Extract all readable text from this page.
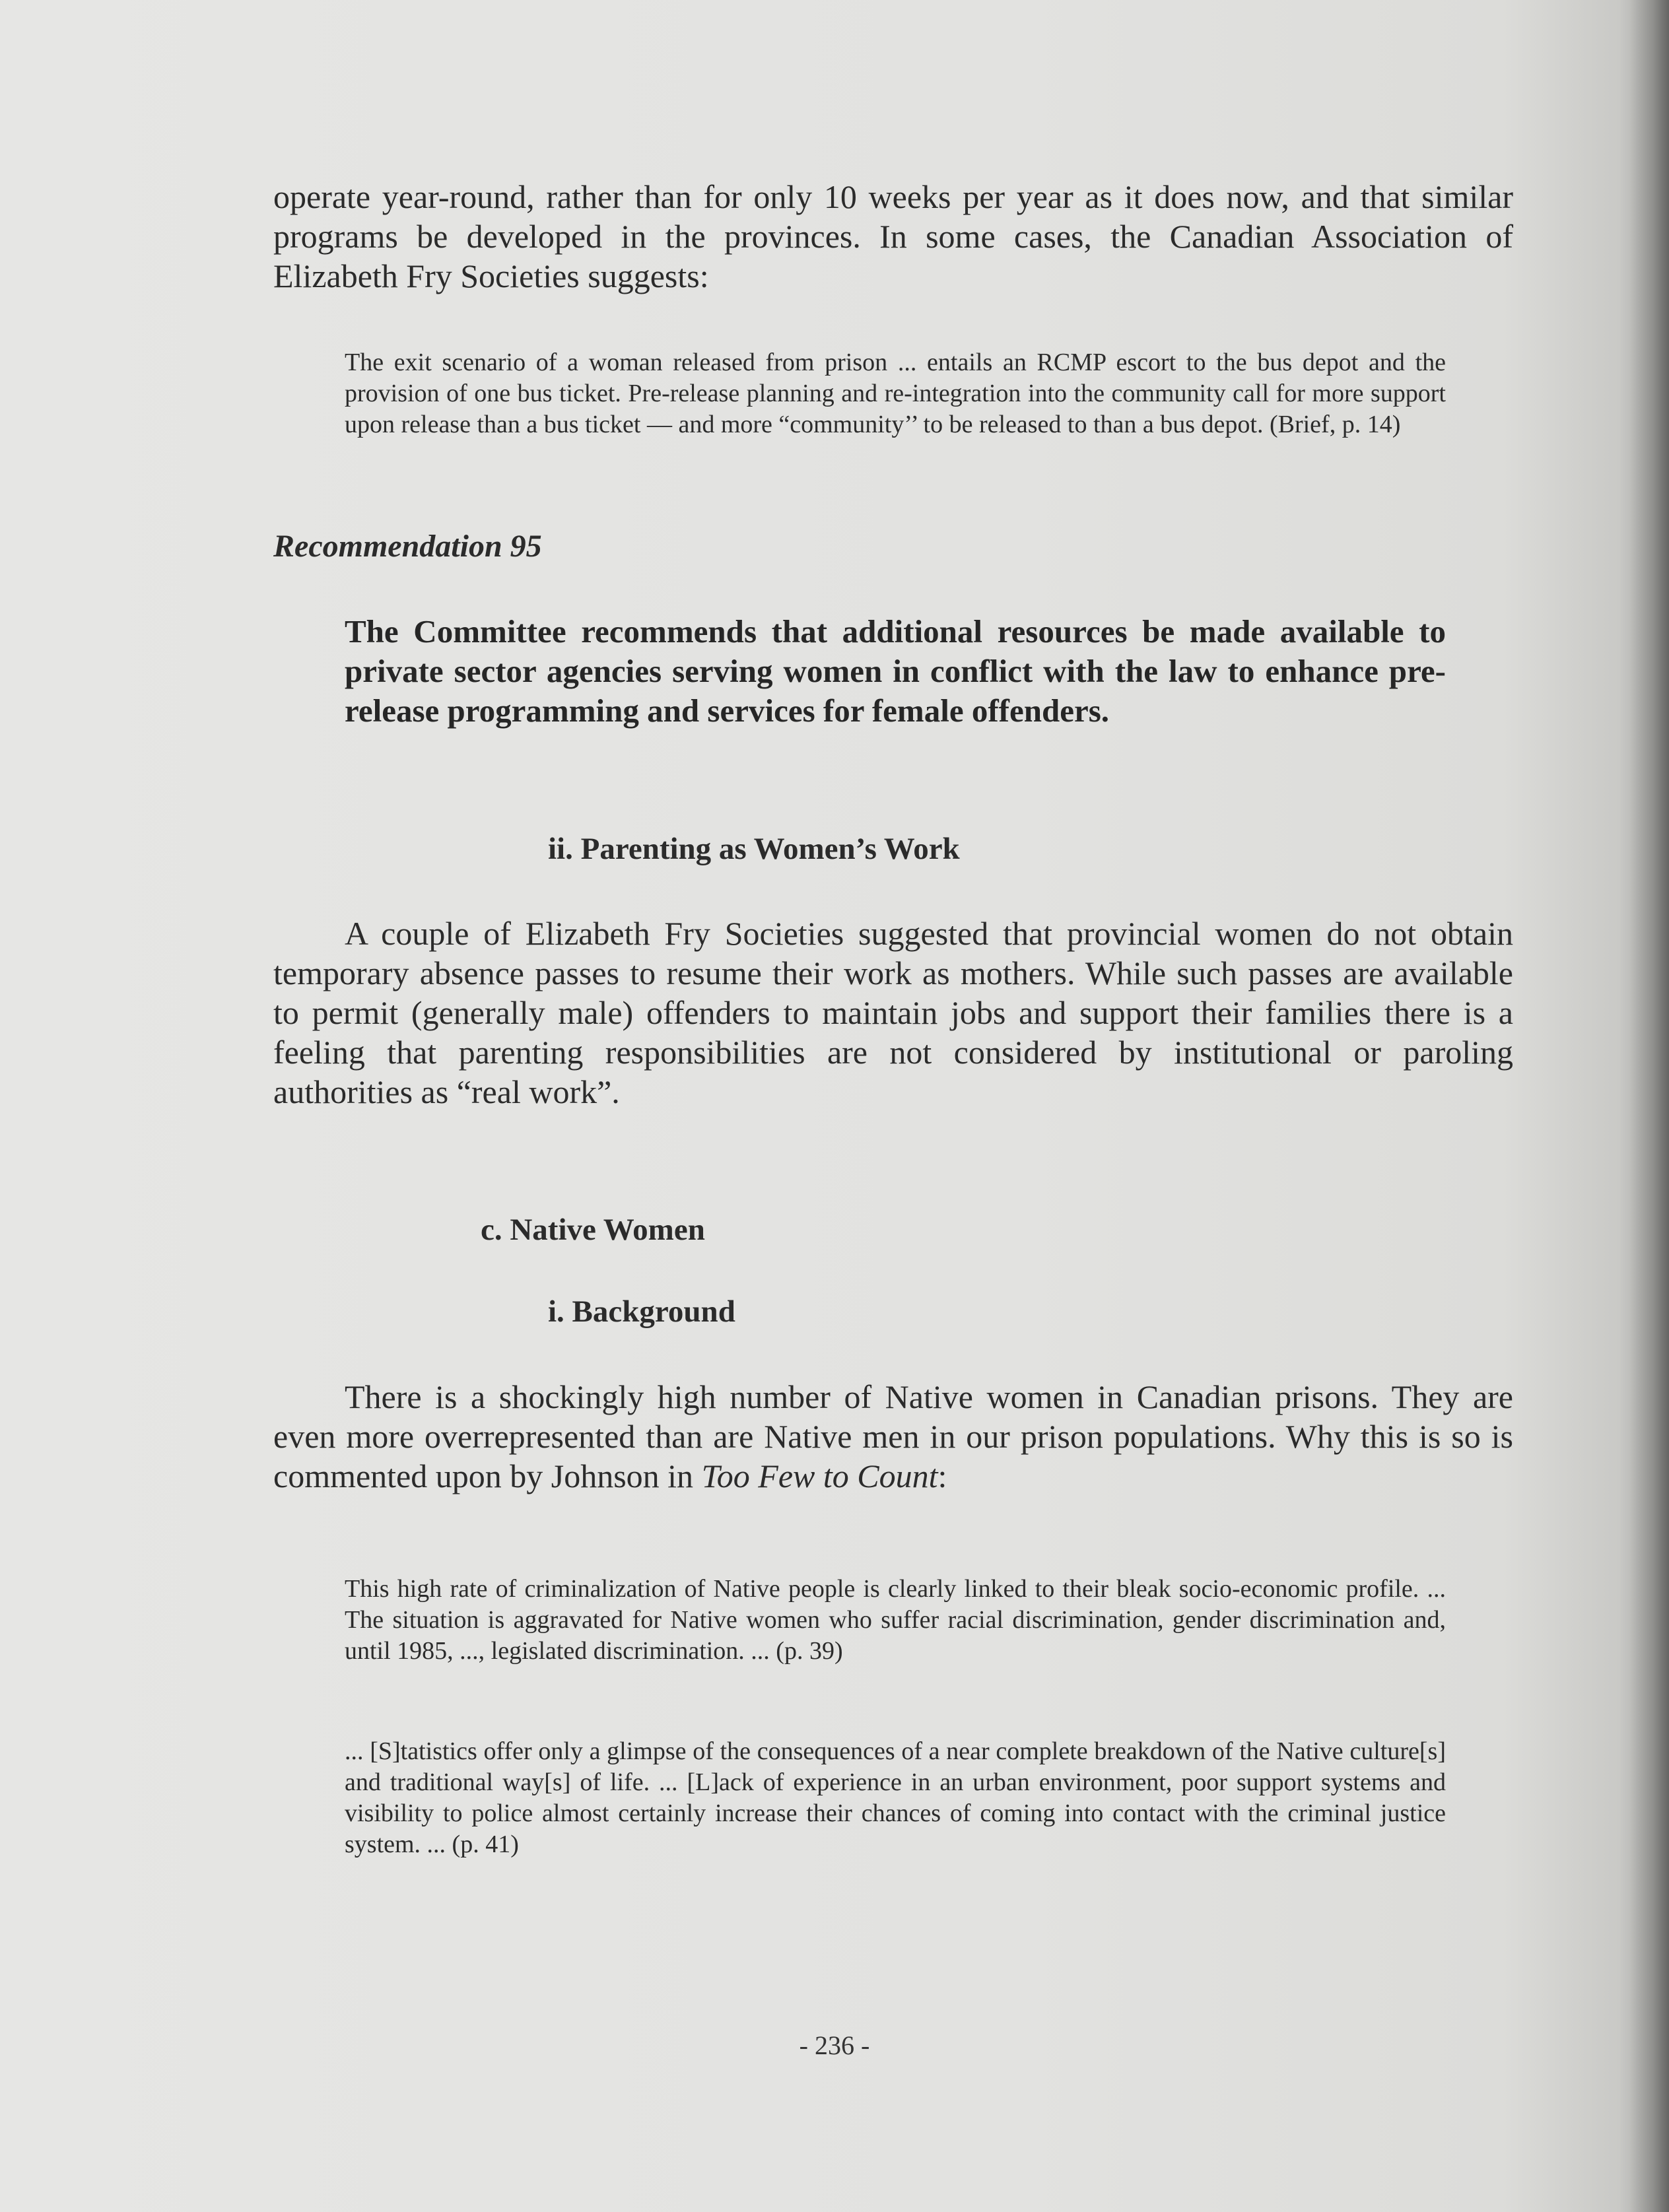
operate year-round, rather than for only 10 weeks per year as it does now, and that similar programs be developed in the provinces. In some cases, the Canadian Association of Elizabeth Fry Societies suggests:

The exit scenario of a woman released from prison ... entails an RCMP escort to the bus depot and the provision of one bus ticket. Pre-release planning and re-integration into the community call for more support upon release than a bus ticket — and more “community’’ to be released to than a bus depot. (Brief, p. 14)

Recommendation 95

The Committee recommends that additional resources be made available to private sector agencies serving women in conflict with the law to enhance pre-release programming and services for female offenders.

ii. Parenting as Women’s Work

A couple of Elizabeth Fry Societies suggested that provincial women do not obtain temporary absence passes to resume their work as mothers. While such passes are available to permit (generally male) offenders to maintain jobs and support their families there is a feeling that parenting responsibilities are not considered by institutional or paroling authorities as “real work”.

c. Native Women
i. Background

There is a shockingly high number of Native women in Canadian prisons. They are even more overrepresented than are Native men in our prison populations. Why this is so is commented upon by Johnson in Too Few to Count:

This high rate of criminalization of Native people is clearly linked to their bleak socio-economic profile. ... The situation is aggravated for Native women who suffer racial discrimination, gender discrimination and, until 1985, ..., legislated discrimination. ... (p. 39)

... [S]tatistics offer only a glimpse of the consequences of a near complete breakdown of the Native culture[s] and traditional way[s] of life. ... [L]ack of experience in an urban environment, poor support systems and visibility to police almost certainly increase their chances of coming into contact with the criminal justice system. ... (p. 41)

- 236 -
